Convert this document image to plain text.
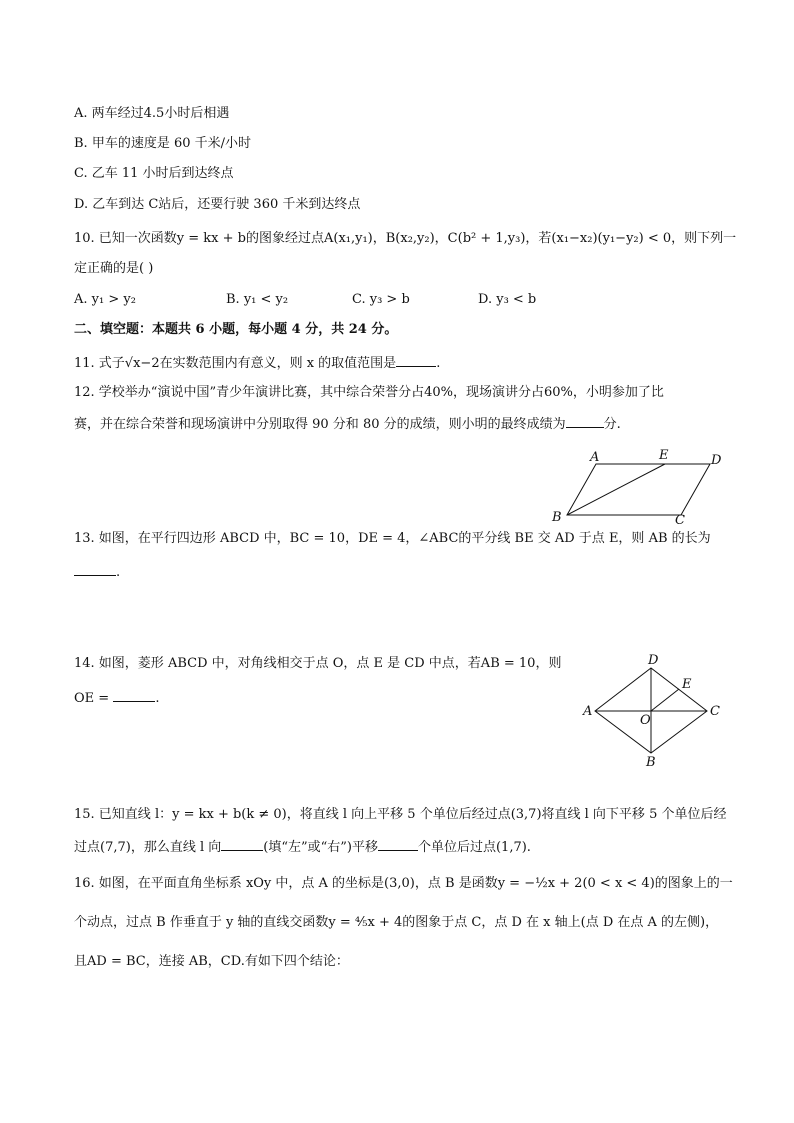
A. 两车经过4.5小时后相遇
B. 甲车的速度是 60 千米/小时
C. 乙车 11 小时后到达终点
D. 乙车到达 C站后，还要行驶 360 千米到达终点
10. 已知一次函数y = kx + b的图象经过点A(x₁,y₁)，B(x₂,y₂)，C(b² + 1,y₃)，若(x₁−x₂)(y₁−y₂) < 0，则下列一
定正确的是( )
A. y₁ > y₂	B. y₁ < y₂	C. y₃ > b	D. y₃ < b
二、填空题：本题共 6 小题，每小题 4 分，共 24 分。
11. 式子√x−2在实数范围内有意义，则 x 的取值范围是	.
12. 学校举办“演说中国”青少年演讲比赛，其中综合荣誉分占40%，现场演讲分占60%，小明参加了比
赛，并在综合荣誉和现场演讲中分别取得 90 分和 80 分的成绩，则小明的最终成绩为	分.
A	E	D
B	C
13. 如图，在平行四边形 ABCD 中，BC = 10，DE = 4，∠ABC的平分线 BE 交 AD 于点 E，则 AB 的长为
.
14. 如图，菱形 ABCD 中，对角线相交于点 O，点 E 是 CD 中点，若AB = 10，则
OE =	.
D
E
A	C
O
B
15. 已知直线 l：y = kx + b(k ≠ 0)，将直线 l 向上平移 5 个单位后经过点(3,7)将直线 l 向下平移 5 个单位后经
过点(7,7)，那么直线 l 向	(填“左”或“右”)平移	个单位后过点(1,7).
16. 如图，在平面直角坐标系 xOy 中，点 A 的坐标是(3,0)，点 B 是函数y = −½x + 2(0 < x < 4)的图象上的一
个动点，过点 B 作垂直于 y 轴的直线交函数y = ⁴⁄₅x + 4的图象于点 C，点 D 在 x 轴上(点 D 在点 A 的左侧)，
且AD = BC，连接 AB，CD.有如下四个结论：
